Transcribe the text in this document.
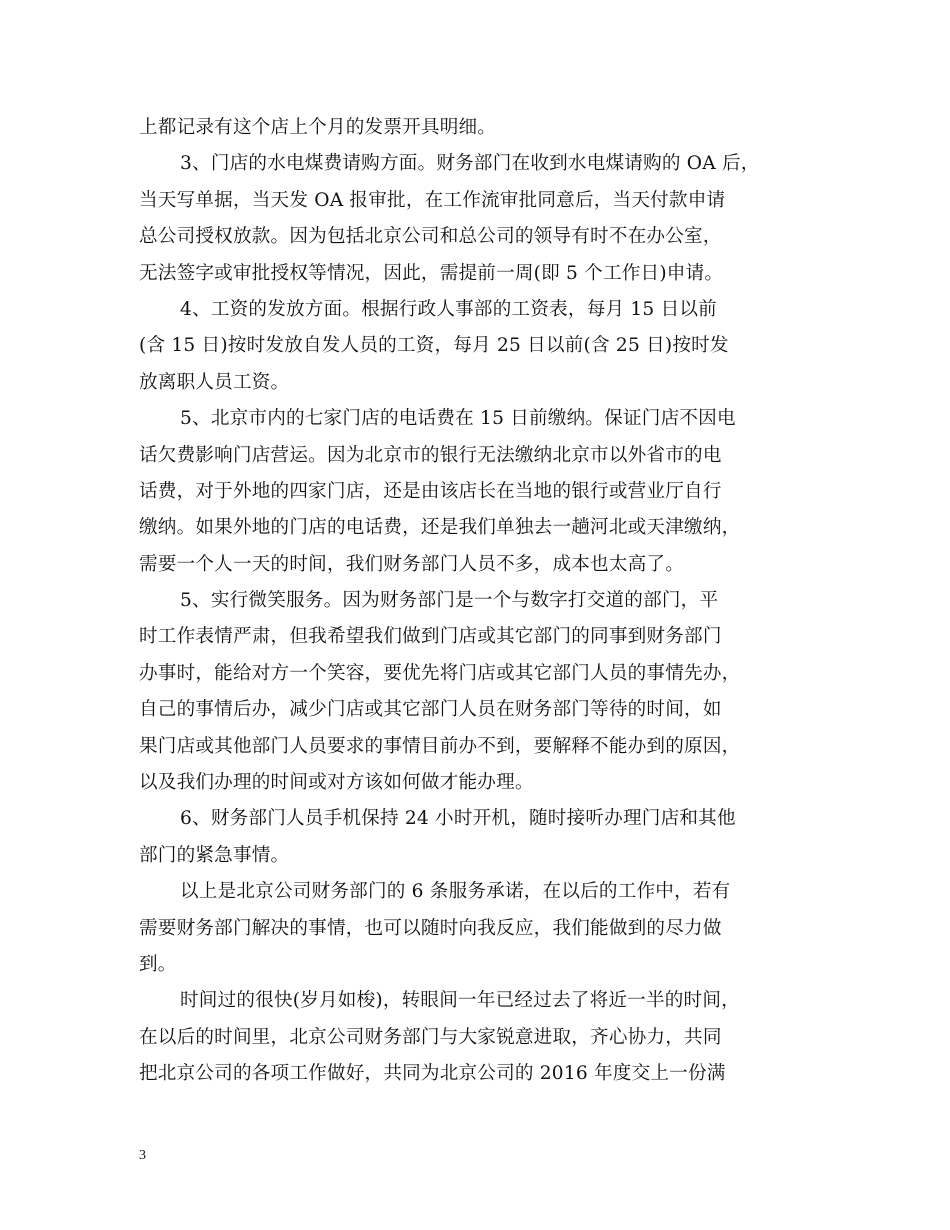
上都记录有这个店上个月的发票开具明细。
3、门店的水电煤费请购方面。财务部门在收到水电煤请购的 OA 后，
当天写单据，当天发 OA 报审批，在工作流审批同意后，当天付款申请
总公司授权放款。因为包括北京公司和总公司的领导有时不在办公室，
无法签字或审批授权等情况，因此，需提前一周(即 5 个工作日)申请。
4、工资的发放方面。根据行政人事部的工资表，每月 15 日以前
(含 15 日)按时发放自发人员的工资，每月 25 日以前(含 25 日)按时发
放离职人员工资。
5、北京市内的七家门店的电话费在 15 日前缴纳。保证门店不因电
话欠费影响门店营运。因为北京市的银行无法缴纳北京市以外省市的电
话费，对于外地的四家门店，还是由该店长在当地的银行或营业厅自行
缴纳。如果外地的门店的电话费，还是我们单独去一趟河北或天津缴纳，
需要一个人一天的时间，我们财务部门人员不多，成本也太高了。
5、实行微笑服务。因为财务部门是一个与数字打交道的部门，平
时工作表情严肃，但我希望我们做到门店或其它部门的同事到财务部门
办事时，能给对方一个笑容，要优先将门店或其它部门人员的事情先办，
自己的事情后办，减少门店或其它部门人员在财务部门等待的时间，如
果门店或其他部门人员要求的事情目前办不到，要解释不能办到的原因，
以及我们办理的时间或对方该如何做才能办理。
6、财务部门人员手机保持 24 小时开机，随时接听办理门店和其他
部门的紧急事情。
以上是北京公司财务部门的 6 条服务承诺，在以后的工作中，若有
需要财务部门解决的事情，也可以随时向我反应，我们能做到的尽力做
到。
时间过的很快(岁月如梭)，转眼间一年已经过去了将近一半的时间，
在以后的时间里，北京公司财务部门与大家锐意进取，齐心协力，共同
把北京公司的各项工作做好，共同为北京公司的 2016 年度交上一份满
3
